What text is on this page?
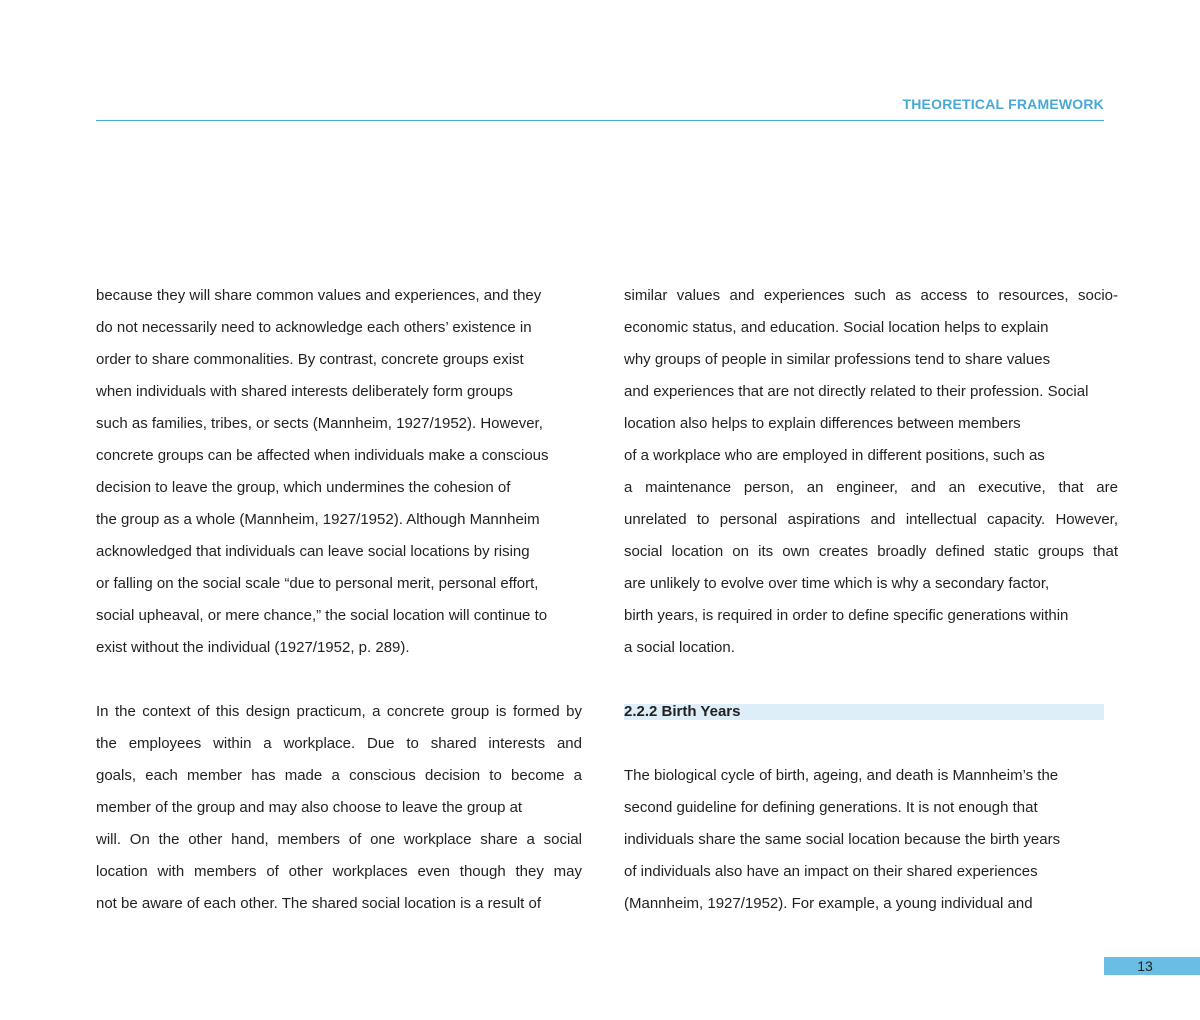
THEORETICAL FRAMEWORK
because they will share common values and experiences, and they
do not necessarily need to acknowledge each others’ existence in
order to share commonalities. By contrast, concrete groups exist
when individuals with shared interests deliberately form groups
such as families, tribes, or sects (Mannheim, 1927/1952). However,
concrete groups can be affected when individuals make a conscious
decision to leave the group, which undermines the cohesion of
the group as a whole (Mannheim, 1927/1952). Although Mannheim
acknowledged that individuals can leave social locations by rising
or falling on the social scale “due to personal merit, personal effort,
social upheaval, or mere chance,” the social location will continue to
exist without the individual (1927/1952, p. 289).
In the context of this design practicum, a concrete group is formed by
the employees within a workplace. Due to shared interests and
goals, each member has made a conscious decision to become a
member of the group and may also choose to leave the group at
will. On the other hand, members of one workplace share a social
location with members of other workplaces even though they may
not be aware of each other. The shared social location is a result of
similar values and experiences such as access to resources, socio-
economic status, and education. Social location helps to explain
why groups of people in similar professions tend to share values
and experiences that are not directly related to their profession. Social
location also helps to explain differences between members
of a workplace who are employed in different positions, such as
a maintenance person, an engineer, and an executive, that are
unrelated to personal aspirations and intellectual capacity. However,
social location on its own creates broadly defined static groups that
are unlikely to evolve over time which is why a secondary factor,
birth years, is required in order to define specific generations within
a social location.
2.2.2 Birth Years
The biological cycle of birth, ageing, and death is Mannheim’s the
second guideline for defining generations. It is not enough that
individuals share the same social location because the birth years
of individuals also have an impact on their shared experiences
(Mannheim, 1927/1952). For example, a young individual and
13
